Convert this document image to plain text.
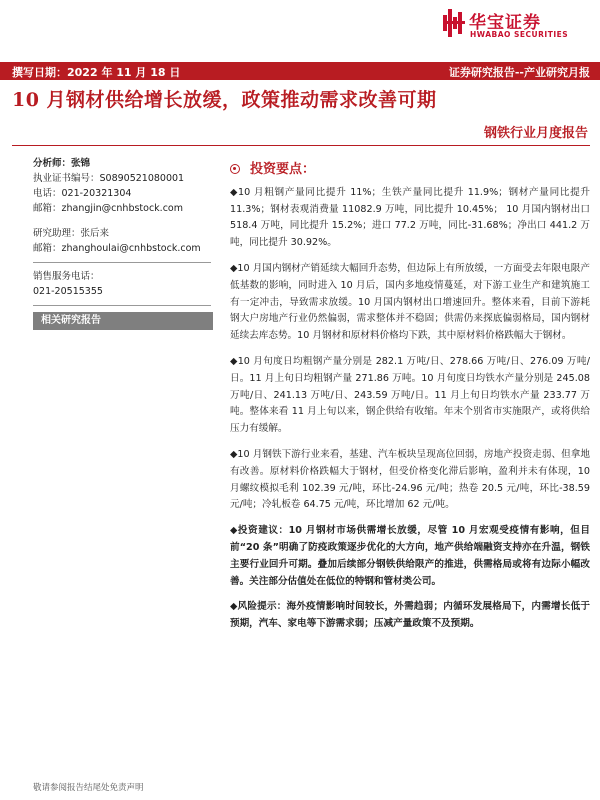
华宝证券
HWABAO SECURITIES
撰写日期：2022 年 11 月 18 日	证券研究报告--产业研究月报
10 月钢材供给增长放缓，政策推动需求改善可期
钢铁行业月度报告
分析师：张锦
执业证书编号：S0890521080001
电话：021-20321304
邮箱：zhangjin@cnhbstock.com
研究助理：张后来
邮箱：zhanghoulai@cnhbstock.com
销售服务电话：
021-20515355
相关研究报告
投资要点：

◆10 月粗钢产量同比提升 11%；生铁产量同比提升 11.9%；钢材产量同比提升 11.3%；钢材表观消费量 11082.9 万吨，同比提升 10.45%； 10 月国内钢材出口 518.4 万吨，同比提升 15.2%；进口 77.2 万吨，同比-31.68%；净出口 441.2 万吨，同比提升 30.92%。

◆10 月国内钢材产销延续大幅回升态势，但边际上有所放缓，一方面受去年限电限产低基数的影响，同时进入 10 月后，国内多地疫情蔓延，对下游工业生产和建筑施工有一定冲击，导致需求放缓。10 月国内钢材出口增速回升。整体来看，目前下游耗钢大户房地产行业仍然偏弱，需求整体并不稳固；供需仍来探底偏弱格局，国内钢材延续去库态势。10 月钢材和原材料价格均下跌，其中原材料价格跌幅大于钢材。

◆10 月旬度日均粗钢产量分别是 282.1 万吨/日、278.66 万吨/日、276.09 万吨/日。11 月上旬日均粗钢产量 271.86 万吨。10 月旬度日均铁水产量分别是 245.08 万吨/日、241.13 万吨/日、243.59 万吨/日。11 月上旬日均铁水产量 233.77 万吨。整体来看 11 月上旬以来，钢企供给有收缩。年末个别省市实施限产，或将供给压力有缓解。

◆10 月钢铁下游行业来看，基建、汽车板块呈现高位回弱，房地产投资走弱、但拿地有改善。原材料价格跌幅大于钢材，但受价格变化滞后影响，盈利并未有体现，10 月螺纹模拟毛利 102.39 元/吨，环比-24.96 元/吨；热卷 20.5 元/吨，环比-38.59 元/吨；冷轧板卷 64.75 元/吨，环比增加 62 元/吨。

◆投资建议：10 月钢材市场供需增长放缓，尽管 10 月宏观受疫情有影响，但目前“20 条”明确了防疫政策逐步优化的大方向，地产供给端融资支持亦在升温，钢铁主要行业回升可期。叠加后续部分钢铁供给限产的推进，供需格局或将有边际小幅改善。关注部分估值处在低位的特钢和管材类公司。

◆风险提示：海外疫情影响时间较长，外需趋弱；内循环发展格局下，内需增长低于预期，汽车、家电等下游需求弱；压减产量政策不及预期。

敬请参阅报告结尾处免责声明
